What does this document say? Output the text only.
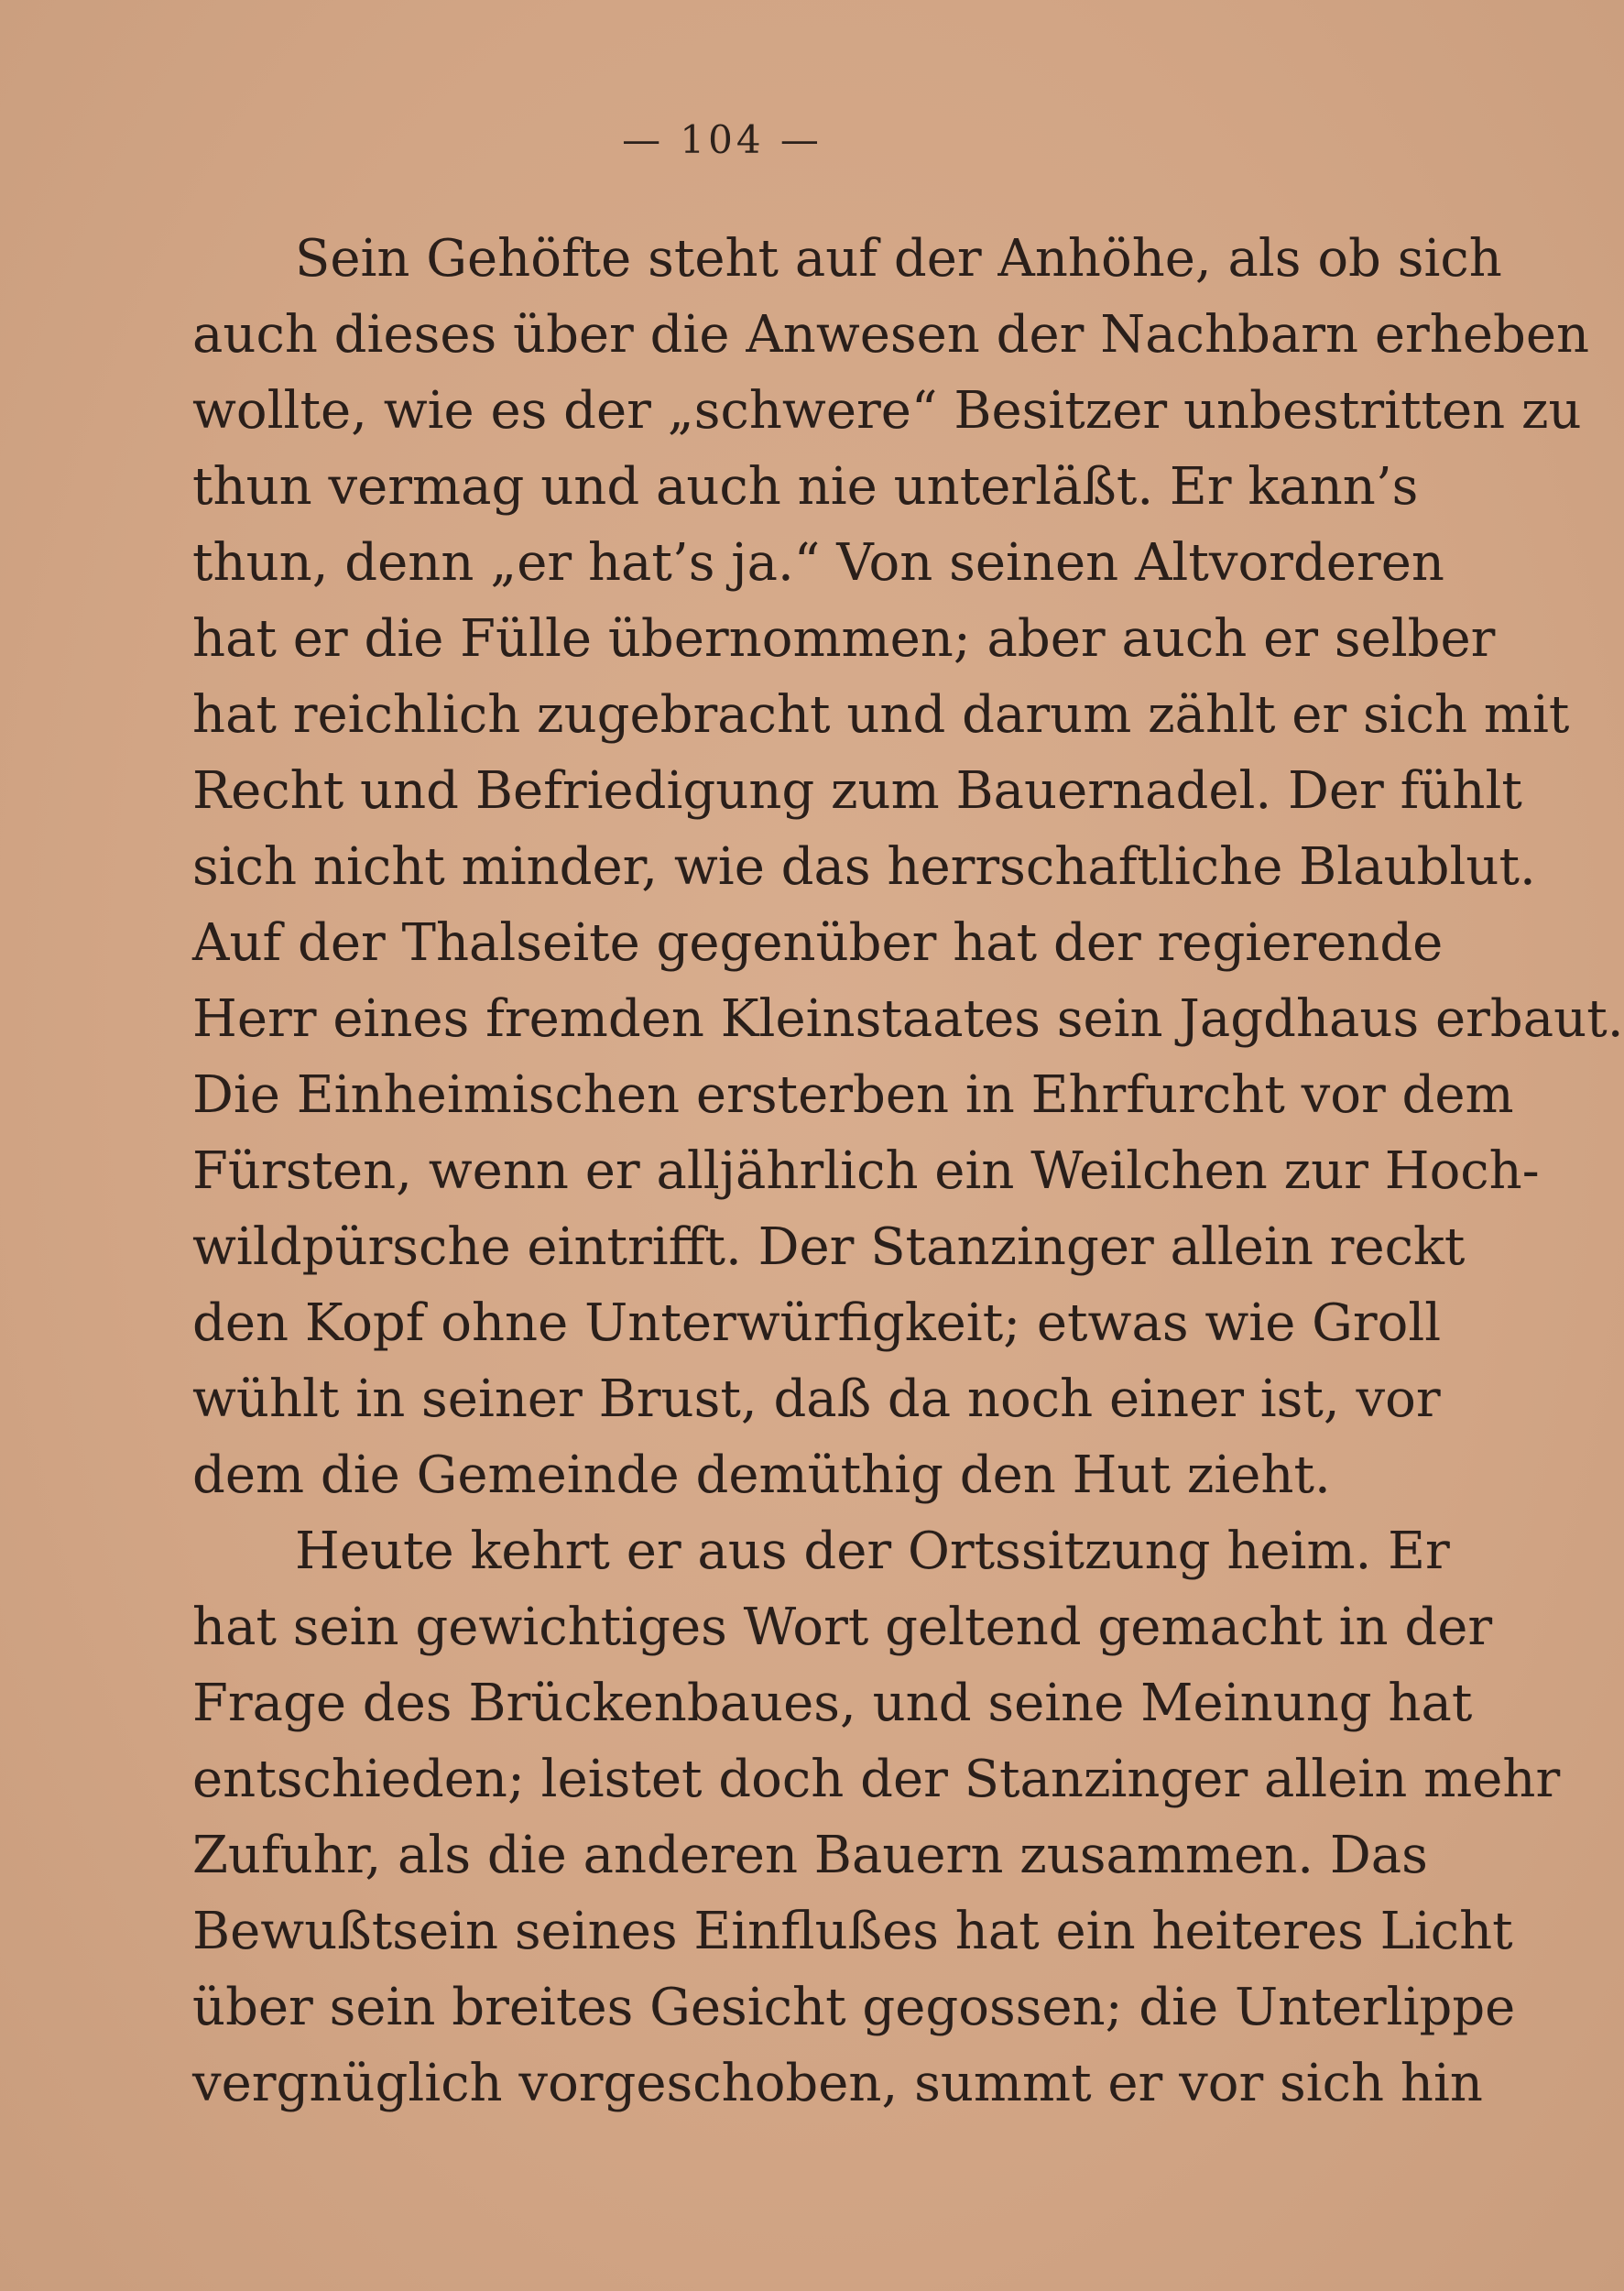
— 104 —
Sein Gehöfte steht auf der Anhöhe, als ob sich
auch dieses über die Anwesen der Nachbarn erheben
wollte, wie es der „schwere“ Besitzer unbestritten zu
thun vermag und auch nie unterläßt. Er kann’s
thun, denn „er hat’s ja.“ Von seinen Altvorderen
hat er die Fülle übernommen; aber auch er selber
hat reichlich zugebracht und darum zählt er sich mit
Recht und Befriedigung zum Bauernadel. Der fühlt
sich nicht minder, wie das herrschaftliche Blaublut.
Auf der Thalseite gegenüber hat der regierende
Herr eines fremden Kleinstaates sein Jagdhaus erbaut.
Die Einheimischen ersterben in Ehrfurcht vor dem
Fürsten, wenn er alljährlich ein Weilchen zur Hoch-
wildpürsche eintrifft. Der Stanzinger allein reckt
den Kopf ohne Unterwürfigkeit; etwas wie Groll
wühlt in seiner Brust, daß da noch einer ist, vor
dem die Gemeinde demüthig den Hut zieht.
Heute kehrt er aus der Ortssitzung heim. Er
hat sein gewichtiges Wort geltend gemacht in der
Frage des Brückenbaues, und seine Meinung hat
entschieden; leistet doch der Stanzinger allein mehr
Zufuhr, als die anderen Bauern zusammen. Das
Bewußtsein seines Einflußes hat ein heiteres Licht
über sein breites Gesicht gegossen; die Unterlippe
vergnüglich vorgeschoben, summt er vor sich hin
